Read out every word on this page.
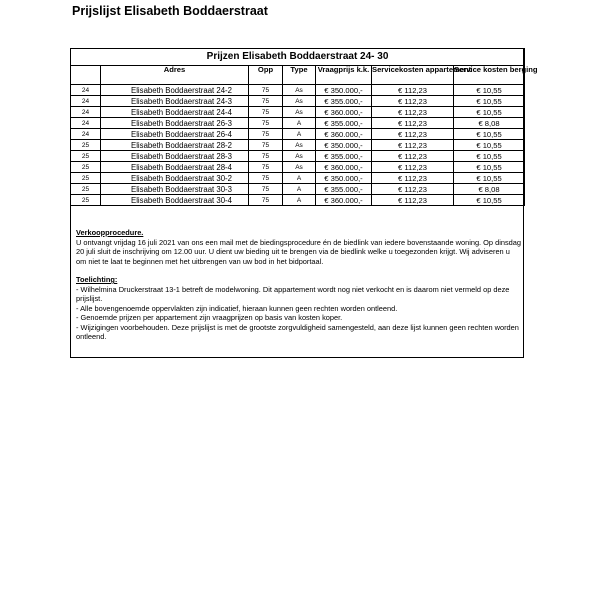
Prijslijst Elisabeth Boddaerstraat
Prijzen Elisabeth Boddaerstraat 24- 30						
	Adres	Opp	Type	Vraagprijs k.k.	Servicekosten appartement	Service kosten berging
24	Elisabeth Boddaerstraat 24-2	75	As	€ 350.000,-	€ 112,23	€ 10,55
24	Elisabeth Boddaerstraat 24-3	75	As	€ 355.000,-	€ 112,23	€ 10,55
24	Elisabeth Boddaerstraat 24-4	75	As	€ 360.000,-	€ 112,23	€ 10,55
24	Elisabeth Boddaerstraat 26-3	75	A	€ 355.000,-	€ 112,23	€ 8,08
24	Elisabeth Boddaerstraat 26-4	75	A	€ 360.000,-	€ 112,23	€ 10,55
25	Elisabeth Boddaerstraat 28-2	75	As	€ 350.000,-	€ 112,23	€ 10,55
25	Elisabeth Boddaerstraat 28-3	75	As	€ 355.000,-	€ 112,23	€ 10,55
25	Elisabeth Boddaerstraat 28-4	75	As	€ 360.000,-	€ 112,23	€ 10,55
25	Elisabeth Boddaerstraat 30-2	75	A	€ 350.000,-	€ 112,23	€ 10,55
25	Elisabeth Boddaerstraat 30-3	75	A	€ 355.000,-	€ 112,23	€ 8,08
25	Elisabeth Boddaerstraat 30-4	75	A	€ 360.000,-	€ 112,23	€ 10,55

Verkoopprocedure.

U ontvangt vrijdag 16 juli 2021 van ons een mail met de biedingsprocedure én de biedlink van iedere bovenstaande woning. Op dinsdag 20 juli sluit de inschrijving om 12.00 uur. U dient uw bieding uit te brengen via de biedlink welke u toegezonden krijgt. Wij adviseren u om niet te laat te beginnen met het uitbrengen van uw bod in het bidportaal.

Toelichting:

- Wilhelmina Druckerstraat 13-1 betreft de modelwoning. Dit appartement wordt nog niet verkocht en is daarom niet vermeld op deze prijslijst.

- Alle bovengenoemde oppervlakten zijn indicatief, hieraan kunnen geen rechten worden ontleend.

- Genoemde prijzen per appartement zijn vraagprijzen op basis van kosten koper.

- Wijzigingen voorbehouden. Deze prijslijst is met de grootste zorgvuldigheid samengesteld, aan deze lijst kunnen geen rechten worden ontleend.
